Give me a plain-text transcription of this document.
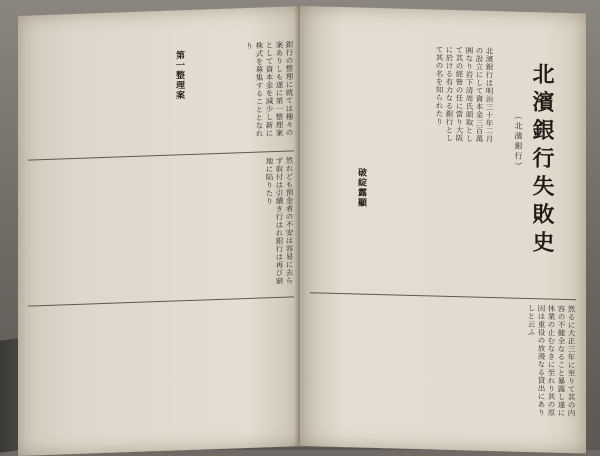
銀行の整理に就ては種々の案ありしも遂に第一整理案として資本金を減少し新に株式を募集することとなれり

第一整理案

然れども預金者の不安は容易に去らず取付は引續き行はれ銀行は再び窮地に陷りたり	北濱銀行失敗史
（北濱銀行）

北濱銀行は明治三十年二月の設立にして資本金三百萬圓なり岩下清周氏頭取として其の經營の任に當り大阪に於ける有力なる銀行として其の名を知られたり

破綻露顯

然るに大正三年に至りて其の内容の不健全なること暴露し遂に休業の止むなきに至れり其の原因は重役の放漫なる貸出にありしと云ふ
